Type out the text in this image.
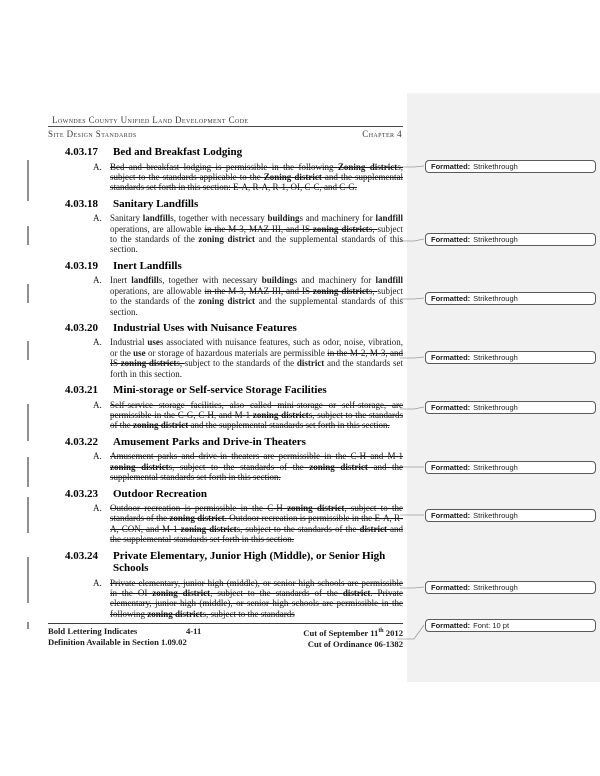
Lowndes County Unified Land Development Code
Site Design Standards	Chapter 4
4.03.17	Bed and Breakfast Lodging
A. Bed and breakfast lodging is permissible in the following Zoning districts, subject to the standards applicable to the Zoning district and the supplemental standards set forth in this section: E-A, R-A, R-1, OI, C-C, and C-G.
4.03.18	Sanitary Landfills
A. Sanitary landfills, together with necessary buildings and machinery for landfill operations, are allowable in the M-3, MAZ III, and IS zoning districts, subject to the standards of the zoning district and the supplemental standards of this section.
4.03.19	Inert Landfills
A. Inert landfills, together with necessary buildings and machinery for landfill operations, are allowable in the M-3, MAZ III, and IS zoning districts, subject to the standards of the zoning district and the supplemental standards of this section.
4.03.20	Industrial Uses with Nuisance Features
A. Industrial uses associated with nuisance features, such as odor, noise, vibration, or the use or storage of hazardous materials are permissible in the M-2, M-3, and IS zoning districts, subject to the standards of the district and the standards set forth in this section.
4.03.21	Mini-storage or Self-service Storage Facilities
A. Self-service storage facilities, also called mini-storage or self-storage, are permissible in the C-G, C-H, and M-1 zoning districts, subject to the standards of the zoning district and the supplemental standards set forth in this section.
4.03.22	Amusement Parks and Drive-in Theaters
A. Amusement parks and drive-in theaters are permissible in the C-H and M-1 zoning districts, subject to the standards of the zoning district and the supplemental standards set forth in this section.
4.03.23	Outdoor Recreation
A. Outdoor recreation is permissible in the C-H zoning district, subject to the standards of the zoning district. Outdoor recreation is permissible in the E-A, R-A, CON, and M-1 zoning districts, subject to the standards of the district and the supplemental standards set forth in this section.
4.03.24	Private Elementary, Junior High (Middle), or Senior High Schools
A. Private elementary, junior high (middle), or senior high schools are permissible in the OI zoning district, subject to the standards of the district. Private elementary, junior high (middle), or senior high schools are permissible in the following zoning districts, subject to the standards
Bold Lettering Indicates
Definition Available in Section 1.09.02
4-11	Cut of September 11th 2012
Cut of Ordinance 06-1382
Formatted: Strikethrough
Formatted: Strikethrough
Formatted: Strikethrough
Formatted: Strikethrough
Formatted: Strikethrough
Formatted: Strikethrough
Formatted: Strikethrough
Formatted: Strikethrough
Formatted: Font: 10 pt
